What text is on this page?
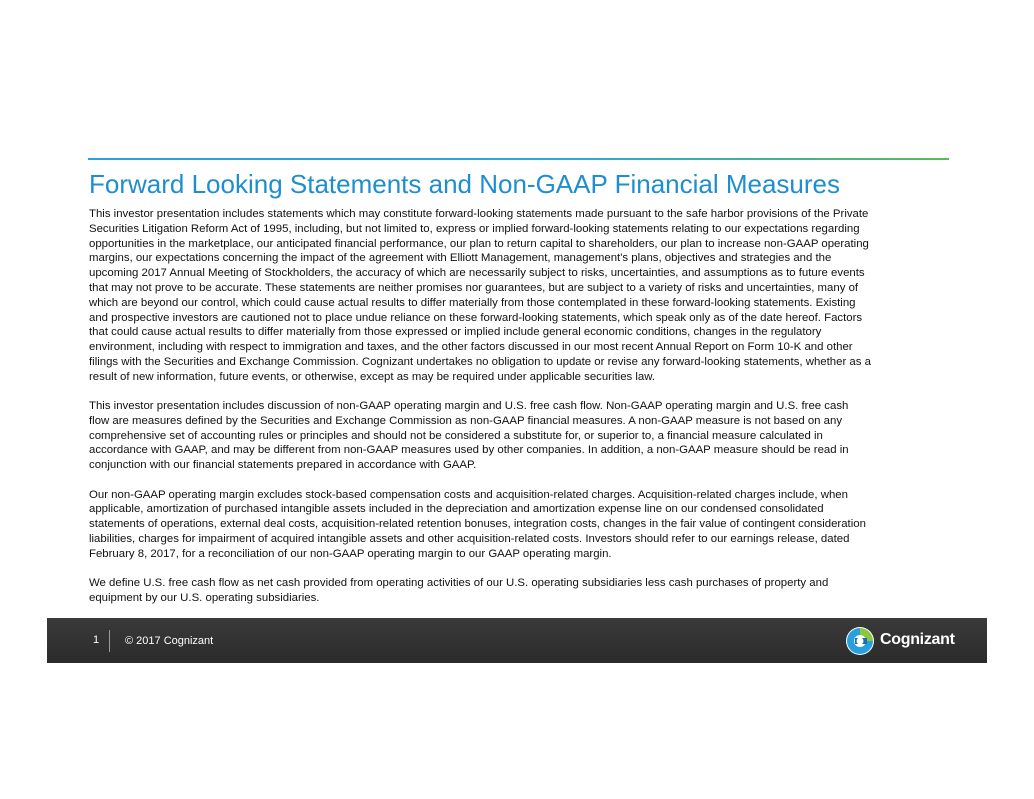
Forward Looking Statements and Non-GAAP Financial Measures

This investor presentation includes statements which may constitute forward-looking statements made pursuant to the safe harbor provisions of the Private
Securities Litigation Reform Act of 1995, including, but not limited to, express or implied forward-looking statements relating to our expectations regarding
opportunities in the marketplace, our anticipated financial performance, our plan to return capital to shareholders, our plan to increase non-GAAP operating
margins, our expectations concerning the impact of the agreement with Elliott Management, management's plans, objectives and strategies and the
upcoming 2017 Annual Meeting of Stockholders, the accuracy of which are necessarily subject to risks, uncertainties, and assumptions as to future events
that may not prove to be accurate. These statements are neither promises nor guarantees, but are subject to a variety of risks and uncertainties, many of
which are beyond our control, which could cause actual results to differ materially from those contemplated in these forward-looking statements. Existing
and prospective investors are cautioned not to place undue reliance on these forward-looking statements, which speak only as of the date hereof. Factors
that could cause actual results to differ materially from those expressed or implied include general economic conditions, changes in the regulatory
environment, including with respect to immigration and taxes, and the other factors discussed in our most recent Annual Report on Form 10-K and other
filings with the Securities and Exchange Commission. Cognizant undertakes no obligation to update or revise any forward-looking statements, whether as a
result of new information, future events, or otherwise, except as may be required under applicable securities law.

This investor presentation includes discussion of non-GAAP operating margin and U.S. free cash flow. Non-GAAP operating margin and U.S. free cash
flow are measures defined by the Securities and Exchange Commission as non-GAAP financial measures. A non-GAAP measure is not based on any
comprehensive set of accounting rules or principles and should not be considered a substitute for, or superior to, a financial measure calculated in
accordance with GAAP, and may be different from non-GAAP measures used by other companies. In addition, a non-GAAP measure should be read in
conjunction with our financial statements prepared in accordance with GAAP.

Our non-GAAP operating margin excludes stock-based compensation costs and acquisition-related charges. Acquisition-related charges include, when
applicable, amortization of purchased intangible assets included in the depreciation and amortization expense line on our condensed consolidated
statements of operations, external deal costs, acquisition-related retention bonuses, integration costs, changes in the fair value of contingent consideration
liabilities, charges for impairment of acquired intangible assets and other acquisition-related costs. Investors should refer to our earnings release, dated
February 8, 2017, for a reconciliation of our non-GAAP operating margin to our GAAP operating margin.

We define U.S. free cash flow as net cash provided from operating activities of our U.S. operating subsidiaries less cash purchases of property and
equipment by our U.S. operating subsidiaries.

1 © 2017 Cognizant	Cognizant
